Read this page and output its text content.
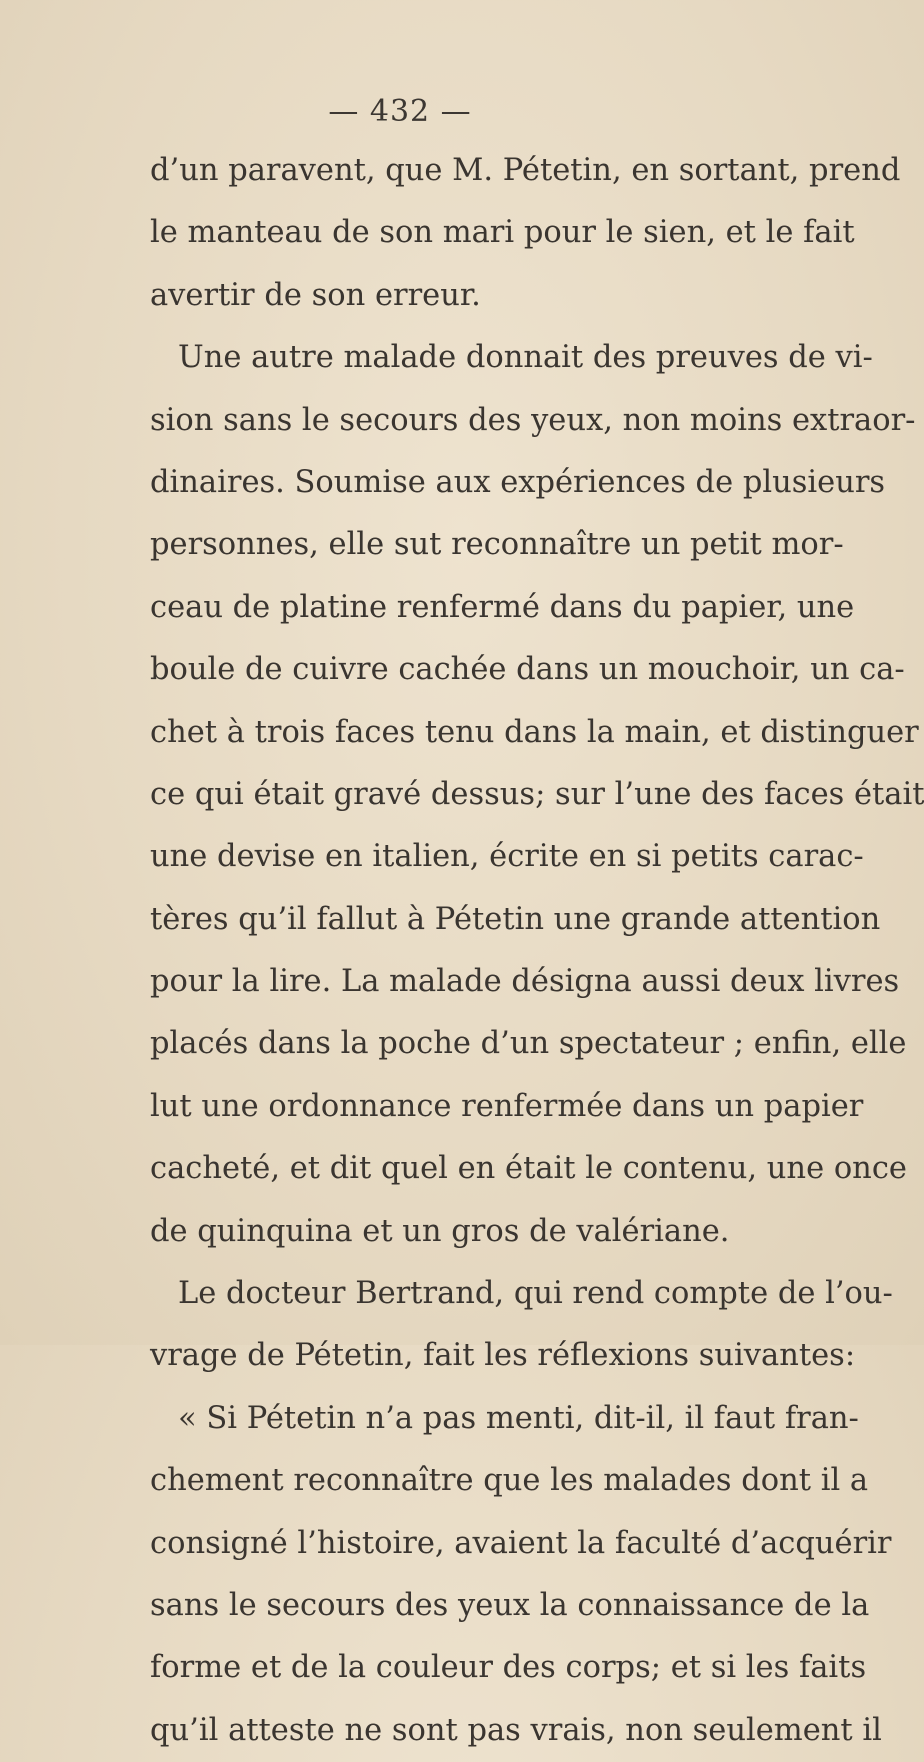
— 432 —
d’un paravent, que M. Pétetin, en sortant, prend
le manteau de son mari pour le sien, et le fait
avertir de son erreur.
Une autre malade donnait des preuves de vi-
sion sans le secours des yeux, non moins extraor-
dinaires. Soumise aux expériences de plusieurs
personnes, elle sut reconnaître un petit mor-
ceau de platine renfermé dans du papier, une
boule de cuivre cachée dans un mouchoir, un ca-
chet à trois faces tenu dans la main, et distinguer
ce qui était gravé dessus; sur l’une des faces était
une devise en italien, écrite en si petits carac-
tères qu’il fallut à Pétetin une grande attention
pour la lire. La malade désigna aussi deux livres
placés dans la poche d’un spectateur ; enfin, elle
lut une ordonnance renfermée dans un papier
cacheté, et dit quel en était le contenu, une once
de quinquina et un gros de valériane.
Le docteur Bertrand, qui rend compte de l’ou-
vrage de Pétetin, fait les réflexions suivantes:
« Si Pétetin n’a pas menti, dit-il, il faut fran-
chement reconnaître que les malades dont il a
consigné l’histoire, avaient la faculté d’acquérir
sans le secours des yeux la connaissance de la
forme et de la couleur des corps; et si les faits
qu’il atteste ne sont pas vrais, non seulement il
